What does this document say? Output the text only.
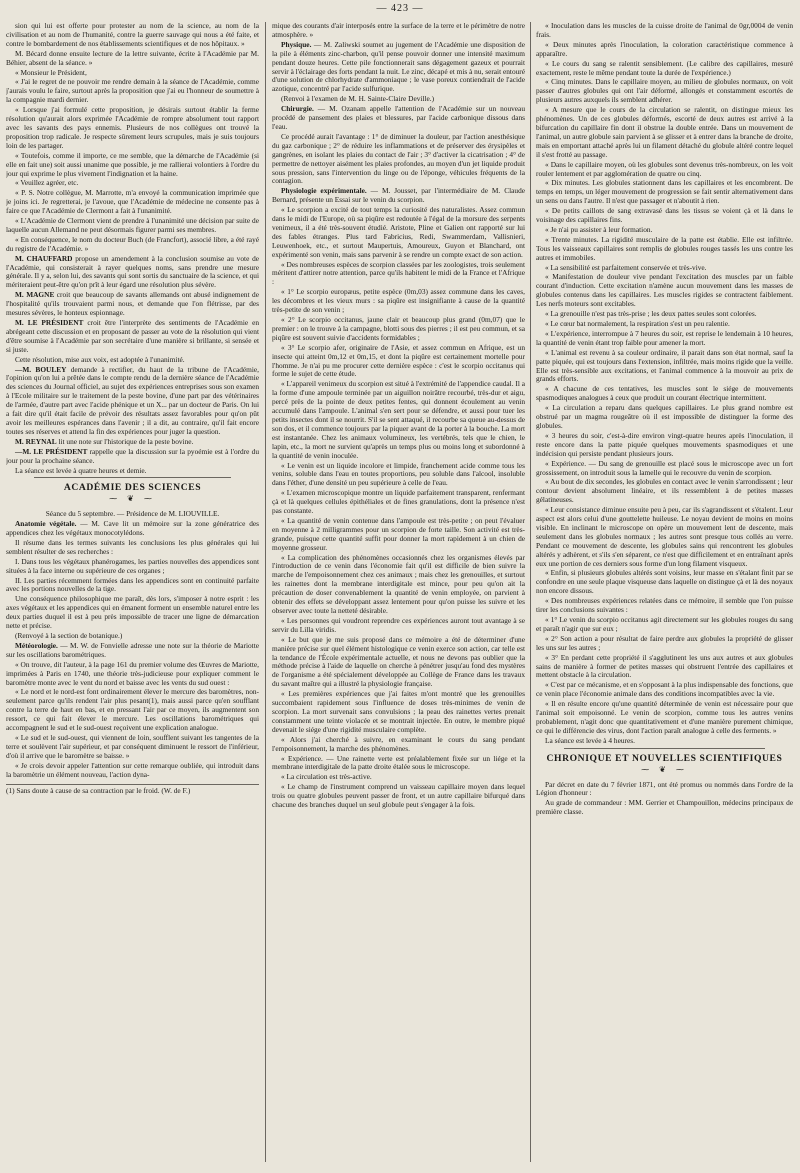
— 423 —

sion qui lui est offerte pour protester au nom de la science, au nom de la civilisation et au nom de l'humanité, contre la guerre sauvage qui nous a été faite, et contre le bombardement de nos établissements scientifiques et de nos hôpitaux. »

M. Bécard donne ensuite lecture de la lettre suivante, écrite à l'Académie par M. Béhier, absent de la séance. »

« Monsieur le Président,

« J'ai le regret de ne pouvoir me rendre demain à la séance de l'Académie, comme j'aurais voulu le faire, surtout après la proposition que j'ai eu l'honneur de soumettre à la compagnie mardi dernier.

« Lorsque j'ai formulé cette proposition, je désirais surtout établir la ferme résolution qu'aurait alors exprimée l'Académie de rompre absolument tout rapport avec les savants des pays ennemis. Plusieurs de nos collègues ont trouvé la proposition trop radicale. Je respecte sûrement leurs scrupules, mais je suis toujours loin de les partager.

« Toutefois, comme il importe, ce me semble, que la démarche de l'Académie (si elle en fait une) soit aussi unanime que possible, je me rallierai volontiers à l'ordre du jour qui exprime le plus vivement l'indignation et la haine.

« Veuillez agréer, etc.

« P. S. Notre collègue, M. Marrotte, m'a envoyé la communication imprimée que je joins ici. Je regretterai, je l'avoue, que l'Académie de médecine ne consente pas à faire ce que l'Académie de Clermont a fait à l'unanimité.

« L'Académie de Clermont vient de prendre à l'unanimité une décision par suite de laquelle aucun Allemand ne peut désormais figurer parmi ses membres.

« En conséquence, le nom du docteur Buch (de Francfort), associé libre, a été rayé du registre de l'Académie. »

M. CHAUFFARD propose un amendement à la conclusion soumise au vote de l'Académie, qui consisterait à rayer quelques noms, sans prendre une mesure générale. Il y a, selon lui, des savants qui sont sortis du sanctuaire de la science, et qui mériteraient peut-être qu'on prît à leur égard une résolution plus sévère.

M. MAGNE croit que beaucoup de savants allemands ont abusé indignement de l'hospitalité qu'ils trouvaient parmi nous, et demande que l'on flétrisse, par des mesures sévères, le honteux espionnage.

M. LE PRÉSIDENT croit être l'interprète des sentiments de l'Académie en abrégeant cette discussion et en proposant de passer au vote de la résolution qui vient d'être soumise à l'Académie par son secrétaire d'une manière si brillante, si sensée et si juste.

Cette résolution, mise aux voix, est adoptée à l'unanimité.

—M. BOULEY demande à rectifier, du haut de la tribune de l'Académie, l'opinion qu'on lui a prêtée dans le compte rendu de la dernière séance de l'Académie des sciences du Journal officiel, au sujet des expériences entreprises sous son examen à l'Ecole militaire sur le traitement de la peste bovine, d'une part par des vétérinaires de l'armée, d'autre part avec l'acide phénique et un X... par un docteur de Paris. On lui a fait dire qu'il était facile de prévoir des résultats assez favorables pour qu'on pût avoir les meilleures espérances dans l'avenir ; il a dit, au contraire, qu'il fait encore toutes ses réserves et attend la fin des expériences pour juger la question.

M. REYNAL lit une note sur l'historique de la peste bovine.

—M. LE PRÉSIDENT rappelle que la discussion sur la pyoémie est à l'ordre du jour pour la prochaine séance.

La séance est levée à quatre heures et demie.

ACADÉMIE DES SCIENCES
⁓ ❦ ⁓

Séance du 5 septembre. — Présidence de M. LIOUVILLE.

Anatomie végétale. — M. Cave lit un mémoire sur la zone génératrice des appendices chez les végétaux monocotylédons.

Il résume dans les termes suivants les conclusions les plus générales qui lui semblent résulter de ses recherches :

I. Dans tous les végétaux phanérogames, les parties nouvelles des appendices sont situées à la face interne ou supérieure de ces organes ;

II. Les parties récemment formées dans les appendices sont en continuité parfaite avec les portions nouvelles de la tige.

Une conséquence philosophique me paraît, dès lors, s'imposer à notre esprit : les axes végétaux et les appendices qui en émanent forment un ensemble naturel entre les deux parties duquel il est à peu près impossible de tracer une ligne de démarcation nette et précise.

(Renvoyé à la section de botanique.)

Météorologie. — M. W. de Fonvielle adresse une note sur la théorie de Mariotte sur les oscillations barométriques.

« On trouve, dit l'auteur, à la page 161 du premier volume des Œuvres de Mariotte, imprimées à Paris en 1740, une théorie très-judicieuse pour expliquer comment le baromètre monte avec le vent du nord et baisse avec les vents du sud ouest :

« Le nord et le nord-est font ordinairement élever le mercure des baromètres, non-seulement parce qu'ils rendent l'air plus pesant(1), mais aussi parce qu'en soufflant contre la terre de haut en bas, et en pressant l'air par ce moyen, ils augmentent son ressort, ce qui fait élever le mercure. Les oscillations barométriques qui accompagnent le sud et le sud-ouest reçoivent une explication analogue.

« Le sud et le sud-ouest, qui viennent de loin, soufflent suivant les tangentes de la terre et soulèvent l'air supérieur, et par conséquent diminuent le ressort de l'inférieur, d'où il arrive que le baromètre se baisse. »

« Je crois devoir appeler l'attention sur cette remarque oubliée, qui introduit dans la baromètrie un élément nouveau, l'action dyna-

(1) Sans doute à cause de sa contraction par le froid. (W. de F.)

mique des courants d'air interposés entre la surface de la terre et le périmètre de notre atmosphère. »

Physique. — M. Zaliwski soumet au jugement de l'Académie une disposition de la pile à éléments zinc-charbon, qu'il pense pouvoir donner une intensité maximum pendant douze heures. Cette pile fonctionnerait sans dégagement gazeux et pourrait servir à l'éclairage des forts pendant la nuit. Le zinc, décapé et mis à nu, serait entouré d'une solution de chlorhydrate d'ammoniaque ; le vase poreux contiendrait de l'acide azotique, concentré par l'acide sulfurique.

(Renvoi à l'examen de M. H. Sainte-Claire Deville.)

Chirurgie. — M. Ozanam appelle l'attention de l'Académie sur un nouveau procédé de pansement des plaies et blessures, par l'acide carbonique dissous dans l'eau.

Ce procédé aurait l'avantage : 1° de diminuer la douleur, par l'action anesthésique du gaz carbonique ; 2° de réduire les inflammations et de préserver des érysipèles et gangrènes, en isolant les plaies du contact de l'air ; 3° d'activer la cicatrisation ; 4° de permettre de nettoyer aisément les plaies profondes, au moyen d'un jet liquide produit sous pression, sans l'intervention du linge ou de l'éponge, véhicules fréquents de la contagion.

Physiologie expérimentale. — M. Jousset, par l'intermédiaire de M. Claude Bernard, présente un Essai sur le venin du scorpion.

« Le scorpion a excité de tout temps la curiosité des naturalistes. Assez commun dans le midi de l'Europe, où sa piqûre est redoutée à l'égal de la morsure des serpents venimeux, il a été très-souvent étudié. Aristote, Pline et Galien ont rapporté sur lui des fables étranges. Plus tard Fabricius, Redi, Swammerdam, Vallisnieri, Leuwenhoek, etc., et surtout Maupertuis, Amoureux, Guyon et Blanchard, ont expérimenté son venin, mais sans parvenir à se rendre un compte exact de son action.

« Des nombreuses espèces de scorpion classées par les zoologistes, trois seulement méritent d'attirer notre attention, parce qu'ils habitent le midi de la France et l'Afrique :

« 1° Le scorpio europæus, petite espèce (0m,03) assez commune dans les caves, les décombres et les vieux murs : sa piqûre est insignifiante à cause de la quantité très-petite de son venin ;

« 2° Le scorpio occitanus, jaune clair et beaucoup plus grand (0m,07) que le premier : on le trouve à la campagne, blotti sous des pierres ; il est peu commun, et sa piqûre est souvent suivie d'accidents formidables ;

« 3° Le scorpio afer, originaire de l'Asie, et assez commun en Afrique, est un insecte qui atteint 0m,12 et 0m,15, et dont la piqûre est certainement mortelle pour l'homme. Je n'ai pu me procurer cette dernière espèce : c'est le scorpio occitanus qui forme le sujet de cette étude.

« L'appareil venimeux du scorpion est situé à l'extrémité de l'appendice caudal. Il a la forme d'une ampoule terminée par un aiguillon noirâtre recourbé, très-dur et aigu, percé près de la pointe de deux petites fentes, qui donnent écoulement au venin accumulé dans l'ampoule. L'animal s'en sert pour se défendre, et aussi pour tuer les petits insectes dont il se nourrit. S'il se sent attaqué, il recourbe sa queue au-dessus de son dos, et il commence toujours par la piquer avant de la porter à la bouche. La mort est instantanée. Chez les animaux volumineux, les vertébrés, tels que le chien, le lapin, etc., la mort ne survient qu'après un temps plus ou moins long et subordonné à la quantité de venin inoculée.

« Le venin est un liquide incolore et limpide, franchement acide comme tous les venins, soluble dans l'eau en toutes proportions, peu soluble dans l'alcool, insoluble dans l'éther, d'une densité un peu supérieure à celle de l'eau.

« L'examen microscopique montre un liquide parfaitement transparent, renfermant çà et là quelques cellules épithéliales et de fines granulations, dont la présence n'est pas constante.

« La quantité de venin contenue dans l'ampoule est très-petite ; on peut l'évaluer en moyenne à 2 milligrammes pour un scorpion de forte taille. Son activité est très-grande, puisque cette quantité suffit pour donner la mort rapidement à un chien de moyenne grosseur.

« La complication des phénomènes occasionnés chez les organismes élevés par l'introduction de ce venin dans l'économie fait qu'il est difficile de bien suivre la marche de l'empoisonnement chez ces animaux ; mais chez les grenouilles, et surtout les rainettes dont la membrane interdigitale est mince, pour peu qu'on ait la précaution de doser convenablement la quantité de venin employée, on parvient à obtenir des effets se développant assez lentement pour qu'on puisse les suivre et les observer avec toute la netteté désirable.

« Les personnes qui voudront reprendre ces expériences auront tout avantage à se servir du Lilla viridis.

« Le but que je me suis proposé dans ce mémoire a été de déterminer d'une manière précise sur quel élément histologique ce venin exerce son action, car telle est la tendance de l'École expérimentale actuelle, et nous ne devons pas oublier que la méthode précise à l'aide de laquelle on cherche à pénétrer jusqu'au fond des mystères de l'organisme a été spécialement développée au Collège de France dans les travaux du savant maître qui a illustré la physiologie française.

« Les premières expériences que j'ai faites m'ont montré que les grenouilles succombaient rapidement sous l'influence de doses très-minimes de venin de scorpion. La mort survenait sans convulsions ; la peau des rainettes vertes prenait constamment une teinte violacée et se montrait injectée. En outre, le membre piqué devenait le siége d'une rigidité musculaire complète.

« Alors j'ai cherché à suivre, en examinant le cours du sang pendant l'empoisonnement, la marche des phénomènes.

« Expérience. — Une rainette verte est préalablement fixée sur un liége et la membrane interdigitale de la patte droite étalée sous le microscope.

« La circulation est très-active.

« Le champ de l'instrument comprend un vaisseau capillaire moyen dans lequel trois ou quatre globules peuvent passer de front, et un autre capillaire bifurqué dans chacune des branches duquel un seul globule peut s'engager à la fois.

« Inoculation dans les muscles de la cuisse droite de l'animal de 0gr,0004 de venin frais.

« Deux minutes après l'inoculation, la coloration caractéristique commence à apparaître.

« Le cours du sang se ralentit sensiblement. (Le calibre des capillaires, mesuré exactement, reste le même pendant toute la durée de l'expérience.)

« Cinq minutes. Dans le capillaire moyen, au milieu de globules normaux, on voit passer d'autres globules qui ont l'air déformé, allongés et constamment escortés de plusieurs autres auxquels ils semblent adhérer.

« A mesure que le cours de la circulation se ralentit, on distingue mieux les phénomènes. Un de ces globules déformés, escorté de deux autres est arrivé à la bifurcation du capillaire fin dont il obstrue la double entrée. Dans un mouvement de l'animal, un autre globule sain parvient à se glisser et à entrer dans la branche de droite, mais en emportant attaché après lui un filament détaché du globule altéré contre lequel il s'est frotté au passage.

« Dans le capillaire moyen, où les globules sont devenus très-nombreux, on les voit rouler lentement et par agglomération de quatre ou cinq.

« Dix minutes. Les globules stationnent dans les capillaires et les encombrent. De temps en temps, un léger mouvement de progression se fait sentir alternativement dans un sens ou dans l'autre. Il n'est que passager et n'aboutit à rien.

« De petits caillots de sang extravasé dans les tissus se voient çà et là dans le voisinage des capillaires fins.

« Je n'ai pu assister à leur formation.

« Trente minutes. La rigidité musculaire de la patte est établie. Elle est infiltrée. Tous les vaisseaux capillaires sont remplis de globules rouges tassés les uns contre les autres et immobiles.

« La sensibilité est parfaitement conservée et très-vive.

« Manifestation de douleur vive pendant l'excitation des muscles par un faible courant d'induction. Cette excitation n'amène aucun mouvement dans les masses de globules contenus dans les capillaires. Les muscles rigides se contractent faiblement. Les nerfs moteurs sont excitables.

« La grenouille n'est pas très-prise ; les deux pattes seules sont colorées.

« Le cœur bat normalement, la respiration s'est un peu ralentie.

« L'expérience, interrompue à 7 heures du soir, est reprise le lendemain à 10 heures, la quantité de venin étant trop faible pour amener la mort.

« L'animal est revenu à sa couleur ordinaire, il parait dans son état normal, sauf la patte piquée, qui est toujours dans l'extension, infiltrée, mais moins rigide que la veille. Elle est très-sensible aux excitations, et l'animal commence à la mouvoir au prix de grands efforts.

« A chacune de ces tentatives, les muscles sont le siége de mouvements spasmodiques analogues à ceux que produit un courant électrique intermittent.

« La circulation a reparu dans quelques capillaires. Le plus grand nombre est obstrué par un magma rougeâtre où il est impossible de distinguer la forme des globules.

« 3 heures du soir, c'est-à-dire environ vingt-quatre heures après l'inoculation, il reste encore dans la patte piquée quelques mouvements spasmodiques et une indécision qui persiste pendant plusieurs jours.

« Expérience. — Du sang de grenouille est placé sous le microscope avec un fort grossissement, on introduit sous la lamelle qui le recouvre du venin de scorpion.

« Au bout de dix secondes, les globules en contact avec le venin s'arrondissent ; leur contour devient absolument linéaire, et ils ressemblent à de petites masses gélatineuses.

« Leur consistance diminue ensuite peu à peu, car ils s'agrandissent et s'étalent. Leur aspect est alors celui d'une gouttelette huileuse. Le noyau devient de moins en moins visible. En inclinant le microscope on opère un mouvement lent de descente, mais seulement dans les globules normaux ; les autres sont presque tous collés au verre. Pendant ce mouvement de descente, les globules sains qui rencontrent les globules altérés y adhèrent, et s'ils s'en séparent, ce n'est que difficilement et en entraînant après eux une portion de ces derniers sous forme d'un long filament visqueux.

« Enfin, si plusieurs globules altérés sont voisins, leur masse en s'étalant finit par se confondre en une seule plaque visqueuse dans laquelle on distingue çà et là des noyaux non encore dissous.

« Des nombreuses expériences relatées dans ce mémoire, il semble que l'on puisse tirer les conclusions suivantes :

« 1° Le venin du scorpio occitanus agit directement sur les globules rouges du sang et paraît n'agir que sur eux ;

« 2° Son action a pour résultat de faire perdre aux globules la propriété de glisser les uns sur les autres ;

« 3° En perdant cette propriété il s'agglutinent les uns aux autres et aux globules sains de manière à former de petites masses qui obstruent l'entrée des capillaires et mettent obstacle à la circulation.

« C'est par ce mécanisme, et en s'opposant à la plus indispensable des fonctions, que ce venin place l'économie animale dans des conditions incompatibles avec la vie.

« Il en résulte encore qu'une quantité déterminée de venin est nécessaire pour que l'animal soit empoisonné. Le venin de scorpion, comme tous les autres venins probablement, n'agit donc que quantitativement et d'une manière purement chimique, ce qui le différencie des virus, dont l'action paraît analogue à celle des ferments. »

La séance est levée à 4 heures.

CHRONIQUE ET NOUVELLES SCIENTIFIQUES
⁓ ❦ ⁓

Par décret en date du 7 février 1871, ont été promus ou nommés dans l'ordre de la Légion d'honneur :

Au grade de commandeur : MM. Gerrier et Champouillon, médecins principaux de première classe.
